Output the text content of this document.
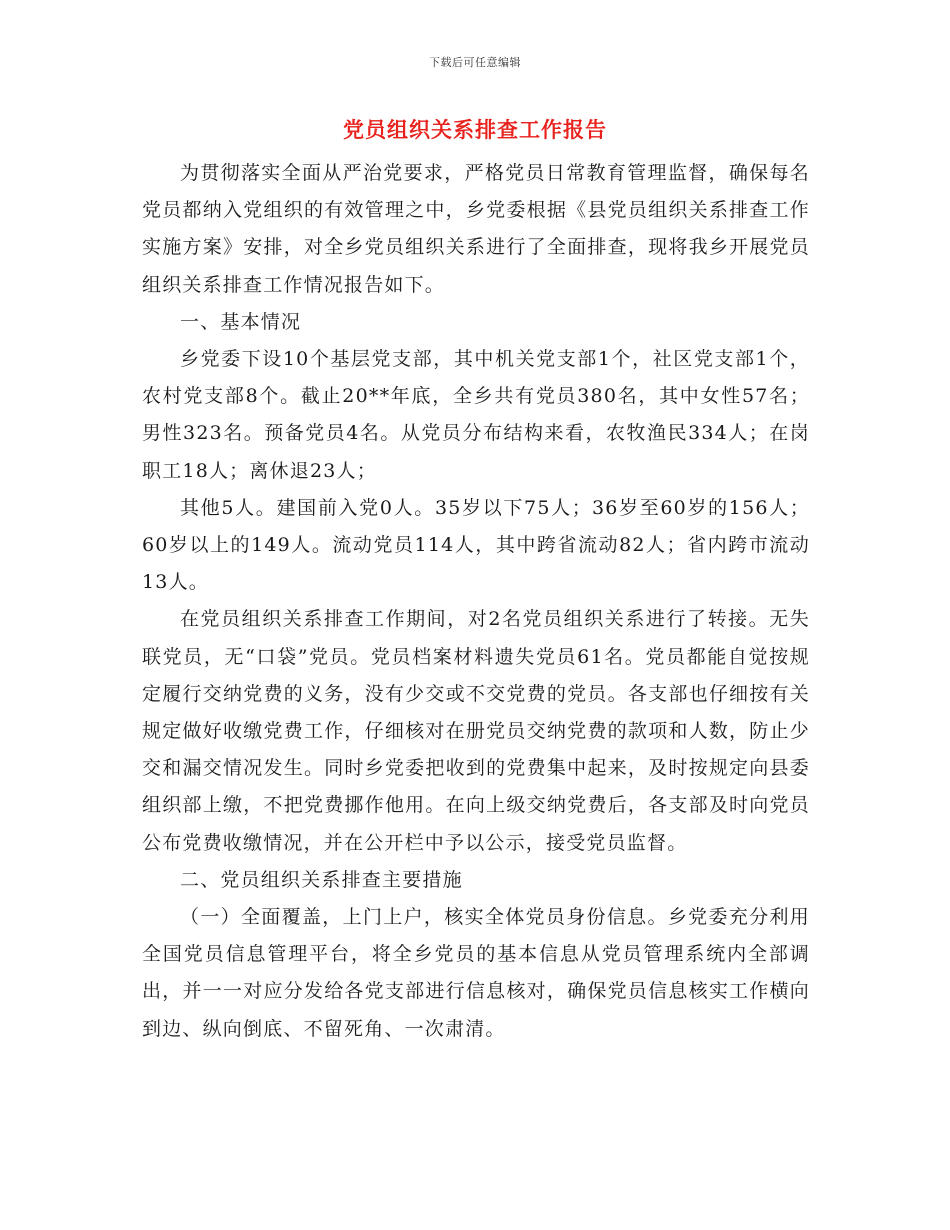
下载后可任意编辑
党员组织关系排查工作报告

为贯彻落实全面从严治党要求，严格党员日常教育管理监督，确保每名党员都纳入党组织的有效管理之中，乡党委根据《县党员组织关系排查工作实施方案》安排，对全乡党员组织关系进行了全面排查，现将我乡开展党员组织关系排查工作情况报告如下。

一、基本情况

乡党委下设10个基层党支部，其中机关党支部1个，社区党支部1个，农村党支部8个。截止20**年底，全乡共有党员380名，其中女性57名；男性323名。预备党员4名。从党员分布结构来看，农牧渔民334人；在岗职工18人；离休退23人；

其他5人。建国前入党0人。35岁以下75人；36岁至60岁的156人；60岁以上的149人。流动党员114人，其中跨省流动82人；省内跨市流动13人。

在党员组织关系排查工作期间，对2名党员组织关系进行了转接。无失联党员，无“口袋”党员。党员档案材料遗失党员61名。党员都能自觉按规定履行交纳党费的义务，没有少交或不交党费的党员。各支部也仔细按有关规定做好收缴党费工作，仔细核对在册党员交纳党费的款项和人数，防止少交和漏交情况发生。同时乡党委把收到的党费集中起来，及时按规定向县委组织部上缴，不把党费挪作他用。在向上级交纳党费后，各支部及时向党员公布党费收缴情况，并在公开栏中予以公示，接受党员监督。

二、党员组织关系排查主要措施

（一）全面覆盖，上门上户，核实全体党员身份信息。乡党委充分利用全国党员信息管理平台，将全乡党员的基本信息从党员管理系统内全部调出，并一一对应分发给各党支部进行信息核对，确保党员信息核实工作横向到边、纵向倒底、不留死角、一次肃清。
